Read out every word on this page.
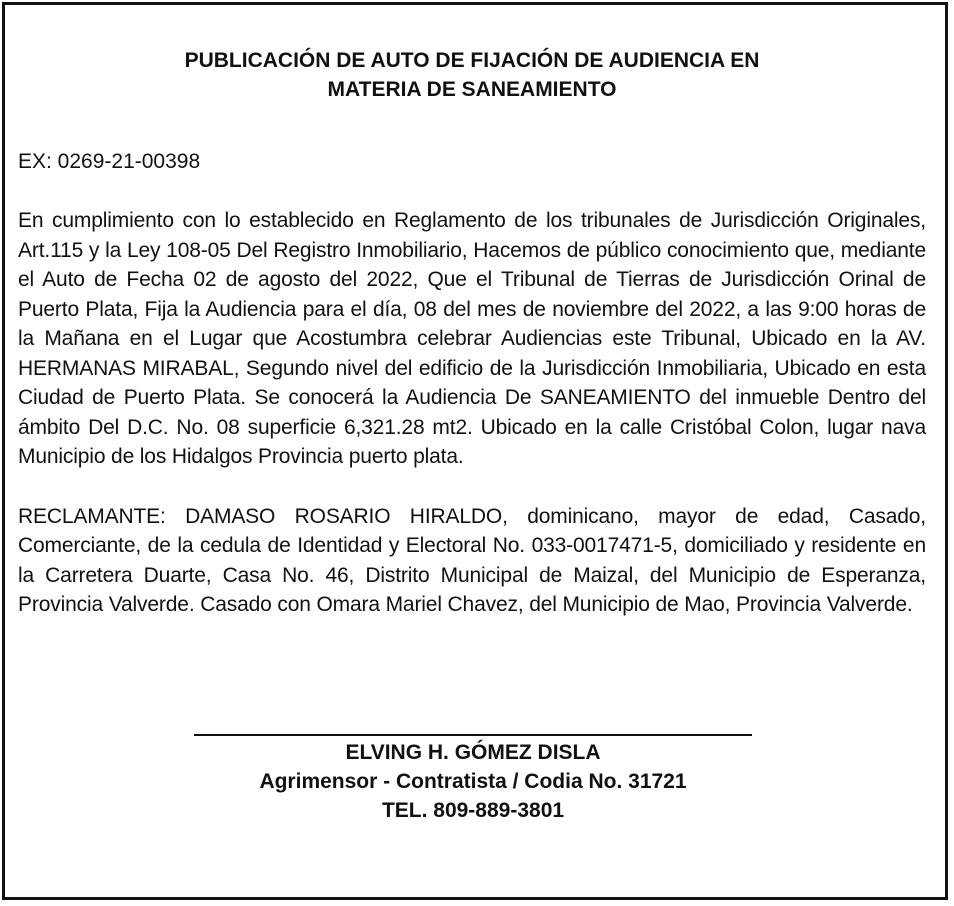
PUBLICACIÓN DE AUTO DE FIJACIÓN DE AUDIENCIA EN
MATERIA DE SANEAMIENTO
EX: 0269-21-00398

En cumplimiento con lo establecido en Reglamento de los tribunales de Jurisdicción Originales, Art.115 y la Ley 108-05 Del Registro Inmobiliario, Hacemos de público conocimiento que, mediante el Auto de Fecha 02 de agosto del 2022, Que el Tribunal de Tierras de Jurisdicción Orinal de Puerto Plata, Fija la Audiencia para el día, 08 del mes de noviembre del 2022, a las 9:00 horas de la Mañana en el Lugar que Acostumbra celebrar Audiencias este Tribunal, Ubicado en la AV. HERMANAS MIRABAL, Segundo nivel del edificio de la Jurisdicción Inmobiliaria, Ubicado en esta Ciudad de Puerto Plata. Se conocerá la Audiencia De SANEAMIENTO del inmueble Dentro del ámbito Del D.C. No. 08 superficie 6,321.28 mt2. Ubicado en la calle Cristóbal Colon, lugar nava Municipio de los Hidalgos Provincia puerto plata.

RECLAMANTE: DAMASO ROSARIO HIRALDO, dominicano, mayor de edad, Casado, Comerciante, de la cedula de Identidad y Electoral No. 033-0017471-5, domiciliado y residente en la Carretera Duarte, Casa No. 46, Distrito Municipal de Maizal, del Municipio de Esperanza, Provincia Valverde. Casado con Omara Mariel Chavez, del Municipio de Mao, Provincia Valverde.

ELVING H. GÓMEZ DISLA
Agrimensor - Contratista / Codia No. 31721
TEL. 809-889-3801
